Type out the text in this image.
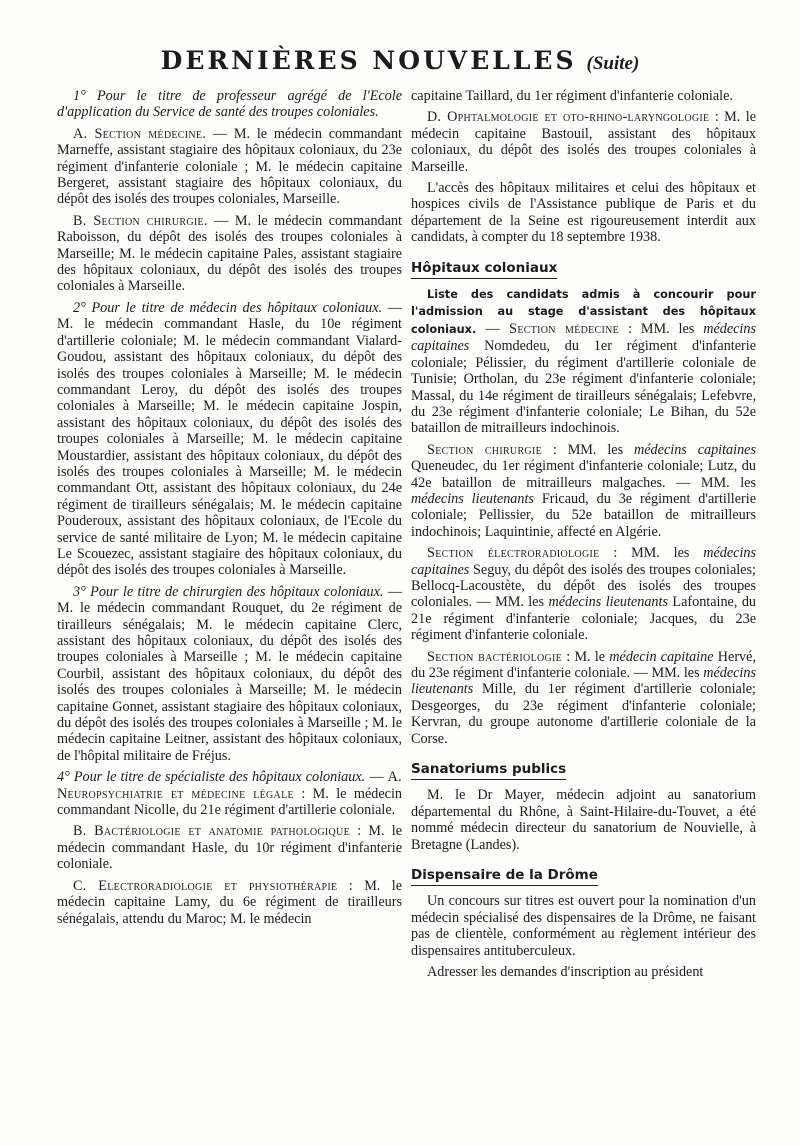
DERNIÈRES NOUVELLES (Suite)

1° Pour le titre de professeur agrégé de l'Ecole d'application du Service de santé des troupes coloniales.

A. Section médecine. — M. le médecin commandant Marneffe, assistant stagiaire des hôpitaux coloniaux, du 23e régiment d'infanterie coloniale ; M. le médecin capitaine Bergeret, assistant stagiaire des hôpitaux coloniaux, du dépôt des isolés des troupes coloniales, Marseille.

B. Section chirurgie. — M. le médecin commandant Raboisson, du dépôt des isolés des troupes coloniales à Marseille; M. le médecin capitaine Pales, assistant stagiaire des hôpitaux coloniaux, du dépôt des isolés des troupes coloniales à Marseille.

2° Pour le titre de médecin des hôpitaux coloniaux. — M. le médecin commandant Hasle, du 10e régiment d'artillerie coloniale; M. le médecin commandant Vialard-Goudou, assistant des hôpitaux coloniaux, du dépôt des isolés des troupes coloniales à Marseille; M. le médecin commandant Leroy, du dépôt des isolés des troupes coloniales à Marseille; M. le médecin capitaine Jospin, assistant des hôpitaux coloniaux, du dépôt des isolés des troupes coloniales à Marseille; M. le médecin capitaine Moustardier, assistant des hôpitaux coloniaux, du dépôt des isolés des troupes coloniales à Marseille; M. le médecin commandant Ott, assistant des hôpitaux coloniaux, du 24e régiment de tirailleurs sénégalais; M. le médecin capitaine Pouderoux, assistant des hôpitaux coloniaux, de l'Ecole du service de santé militaire de Lyon; M. le médecin capitaine Le Scouezec, assistant stagiaire des hôpitaux coloniaux, du dépôt des isolés des troupes coloniales à Marseille.

3° Pour le titre de chirurgien des hôpitaux coloniaux. — M. le médecin commandant Rouquet, du 2e régiment de tirailleurs sénégalais; M. le médecin capitaine Clerc, assistant des hôpitaux coloniaux, du dépôt des isolés des troupes coloniales à Marseille ; M. le médecin capitaine Courbil, assistant des hôpitaux coloniaux, du dépôt des isolés des troupes coloniales à Marseille; M. le médecin capitaine Gonnet, assistant stagiaire des hôpitaux coloniaux, du dépôt des isolés des troupes coloniales à Marseille ; M. le médecin capitaine Leitner, assistant des hôpitaux coloniaux, de l'hôpital militaire de Fréjus.

4° Pour le titre de spécialiste des hôpitaux coloniaux. — A. Neuropsychiatrie et médecine légale : M. le médecin commandant Nicolle, du 21e régiment d'artillerie coloniale.

B. Bactériologie et anatomie pathologique : M. le médecin commandant Hasle, du 10r régiment d'infanterie coloniale.

C. Electroradiologie et physiothérapie : M. le médecin capitaine Lamy, du 6e régiment de tirailleurs sénégalais, attendu du Maroc; M. le médecin

capitaine Taillard, du 1er régiment d'infanterie coloniale.

D. Ophtalmologie et oto-rhino-laryngologie : M. le médecin capitaine Bastouil, assistant des hôpitaux coloniaux, du dépôt des isolés des troupes coloniales à Marseille.

L'accès des hôpitaux militaires et celui des hôpitaux et hospices civils de l'Assistance publique de Paris et du département de la Seine est rigoureusement interdit aux candidats, à compter du 18 septembre 1938.

Hôpitaux coloniaux

Liste des candidats admis à concourir pour l'admission au stage d'assistant des hôpitaux coloniaux. — Section médecine : MM. les médecins capitaines Nomdedeu, du 1er régiment d'infanterie coloniale; Pélissier, du régiment d'artillerie coloniale de Tunisie; Ortholan, du 23e régiment d'infanterie coloniale; Massal, du 14e régiment de tirailleurs sénégalais; Lefebvre, du 23e régiment d'infanterie coloniale; Le Bihan, du 52e bataillon de mitrailleurs indochinois.

Section chirurgie : MM. les médecins capitaines Queneudec, du 1er régiment d'infanterie coloniale; Lutz, du 42e bataillon de mitrailleurs malgaches. — MM. les médecins lieutenants Fricaud, du 3e régiment d'artillerie coloniale; Pellissier, du 52e bataillon de mitrailleurs indochinois; Laquintinie, affecté en Algérie.

Section électroradiologie : MM. les médecins capitaines Seguy, du dépôt des isolés des troupes coloniales; Bellocq-Lacoustète, du dépôt des isolés des troupes coloniales. — MM. les médecins lieutenants Lafontaine, du 21e régiment d'infanterie coloniale; Jacques, du 23e régiment d'infanterie coloniale.

Section bactériologie : M. le médecin capitaine Hervé, du 23e régiment d'infanterie coloniale. — MM. les médecins lieutenants Mille, du 1er régiment d'artillerie coloniale; Desgeorges, du 23e régiment d'infanterie coloniale; Kervran, du groupe autonome d'artillerie coloniale de la Corse.

Sanatoriums publics

M. le Dr Mayer, médecin adjoint au sanatorium départemental du Rhône, à Saint-Hilaire-du-Touvet, a été nommé médecin directeur du sanatorium de Nouvielle, à Bretagne (Landes).

Dispensaire de la Drôme

Un concours sur titres est ouvert pour la nomination d'un médecin spécialisé des dispensaires de la Drôme, ne faisant pas de clientèle, conformément au règlement intérieur des dispensaires antituberculeux.

Adresser les demandes d'inscription au président
